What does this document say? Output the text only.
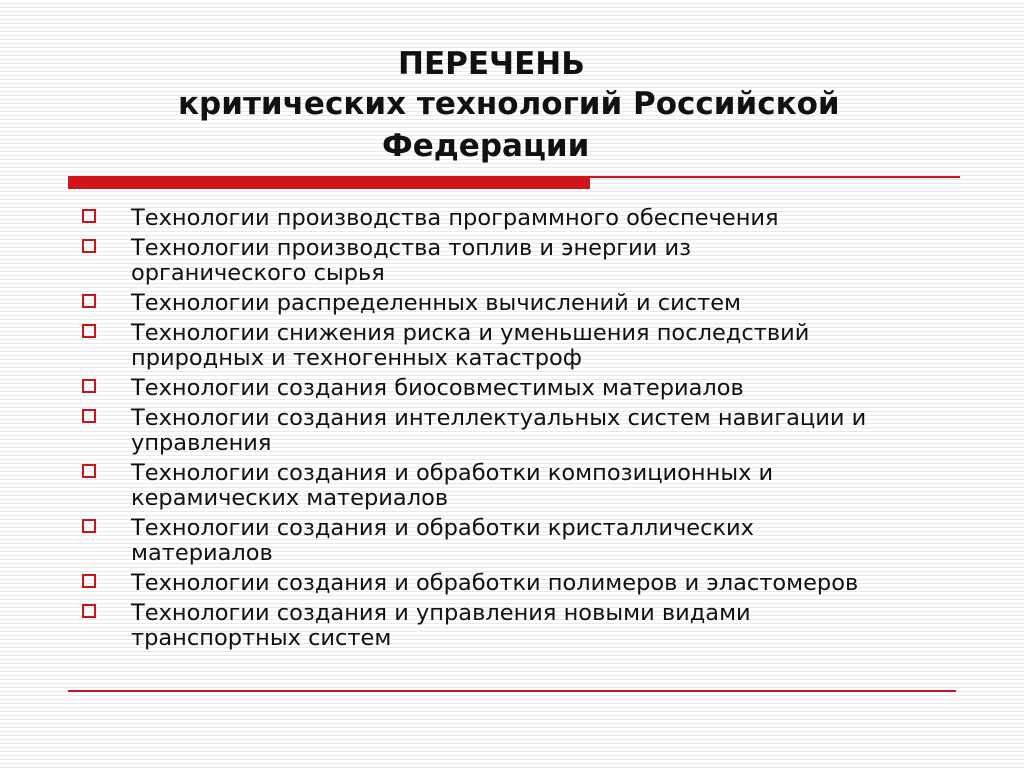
ПЕРЕЧЕНЬ
критических технологий Российской
Федерации
Технологии производства программного обеспечения
Технологии производства топлив и энергии из
органического сырья
Технологии распределенных вычислений и систем
Технологии снижения риска и уменьшения последствий
природных и техногенных катастроф
Технологии создания биосовместимых материалов
Технологии создания интеллектуальных систем навигации и
управления
Технологии создания и обработки композиционных и
керамических материалов
Технологии создания и обработки кристаллических
материалов
Технологии создания и обработки полимеров и эластомеров
Технологии создания и управления новыми видами
транспортных систем
